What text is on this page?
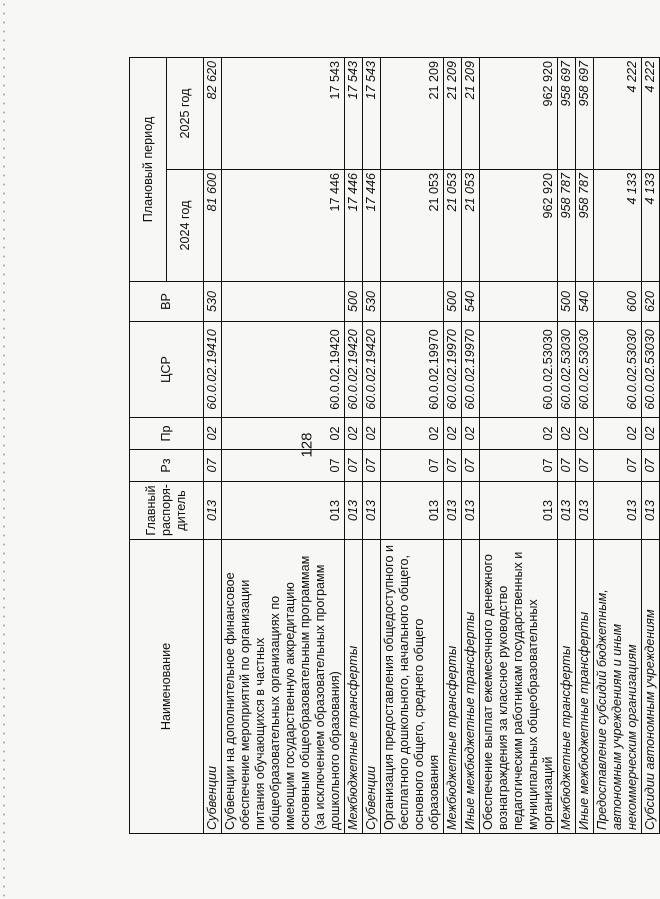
128
Наименование	Главный распоря-дитель	Рз	Пр	ЦСР	ВР	Плановый период	
						2024 год	2025 год
Субвенции	013	07	02	60.0.02.19410	530	81 600	82 620
Субвенции на дополнительное финансовое обеспечение мероприятий по организации питания обучающихся в частных общеобразовательных организациях по имеющим государственную аккредитацию основным общеобразовательным программам (за исключением образовательных программ дошкольного образования)	013	07	02	60.0.02.19420		17 446	17 543
Межбюджетные трансферты	013	07	02	60.0.02.19420	500	17 446	17 543
Субвенции	013	07	02	60.0.02.19420	530	17 446	17 543
Организация предоставления общедоступного и бесплатного дошкольного, начального общего, основного общего, среднего общего образования	013	07	02	60.0.02.19970		21 053	21 209
Межбюджетные трансферты	013	07	02	60.0.02.19970	500	21 053	21 209
Иные межбюджетные трансферты	013	07	02	60.0.02.19970	540	21 053	21 209
Обеспечение выплат ежемесячного денежного вознаграждения за классное руководство педагогическим работникам государственных и муниципальных общеобразовательных организаций	013	07	02	60.0.02.53030		962 920	962 920
Межбюджетные трансферты	013	07	02	60.0.02.53030	500	958 787	958 697
Иные межбюджетные трансферты	013	07	02	60.0.02.53030	540	958 787	958 697
Предоставление субсидий бюджетным, автономным учреждениям и иным некоммерческим организациям	013	07	02	60.0.02.53030	600	4 133	4 222
Субсидии автономным учреждениям	013	07	02	60.0.02.53030	620	4 133	4 222
